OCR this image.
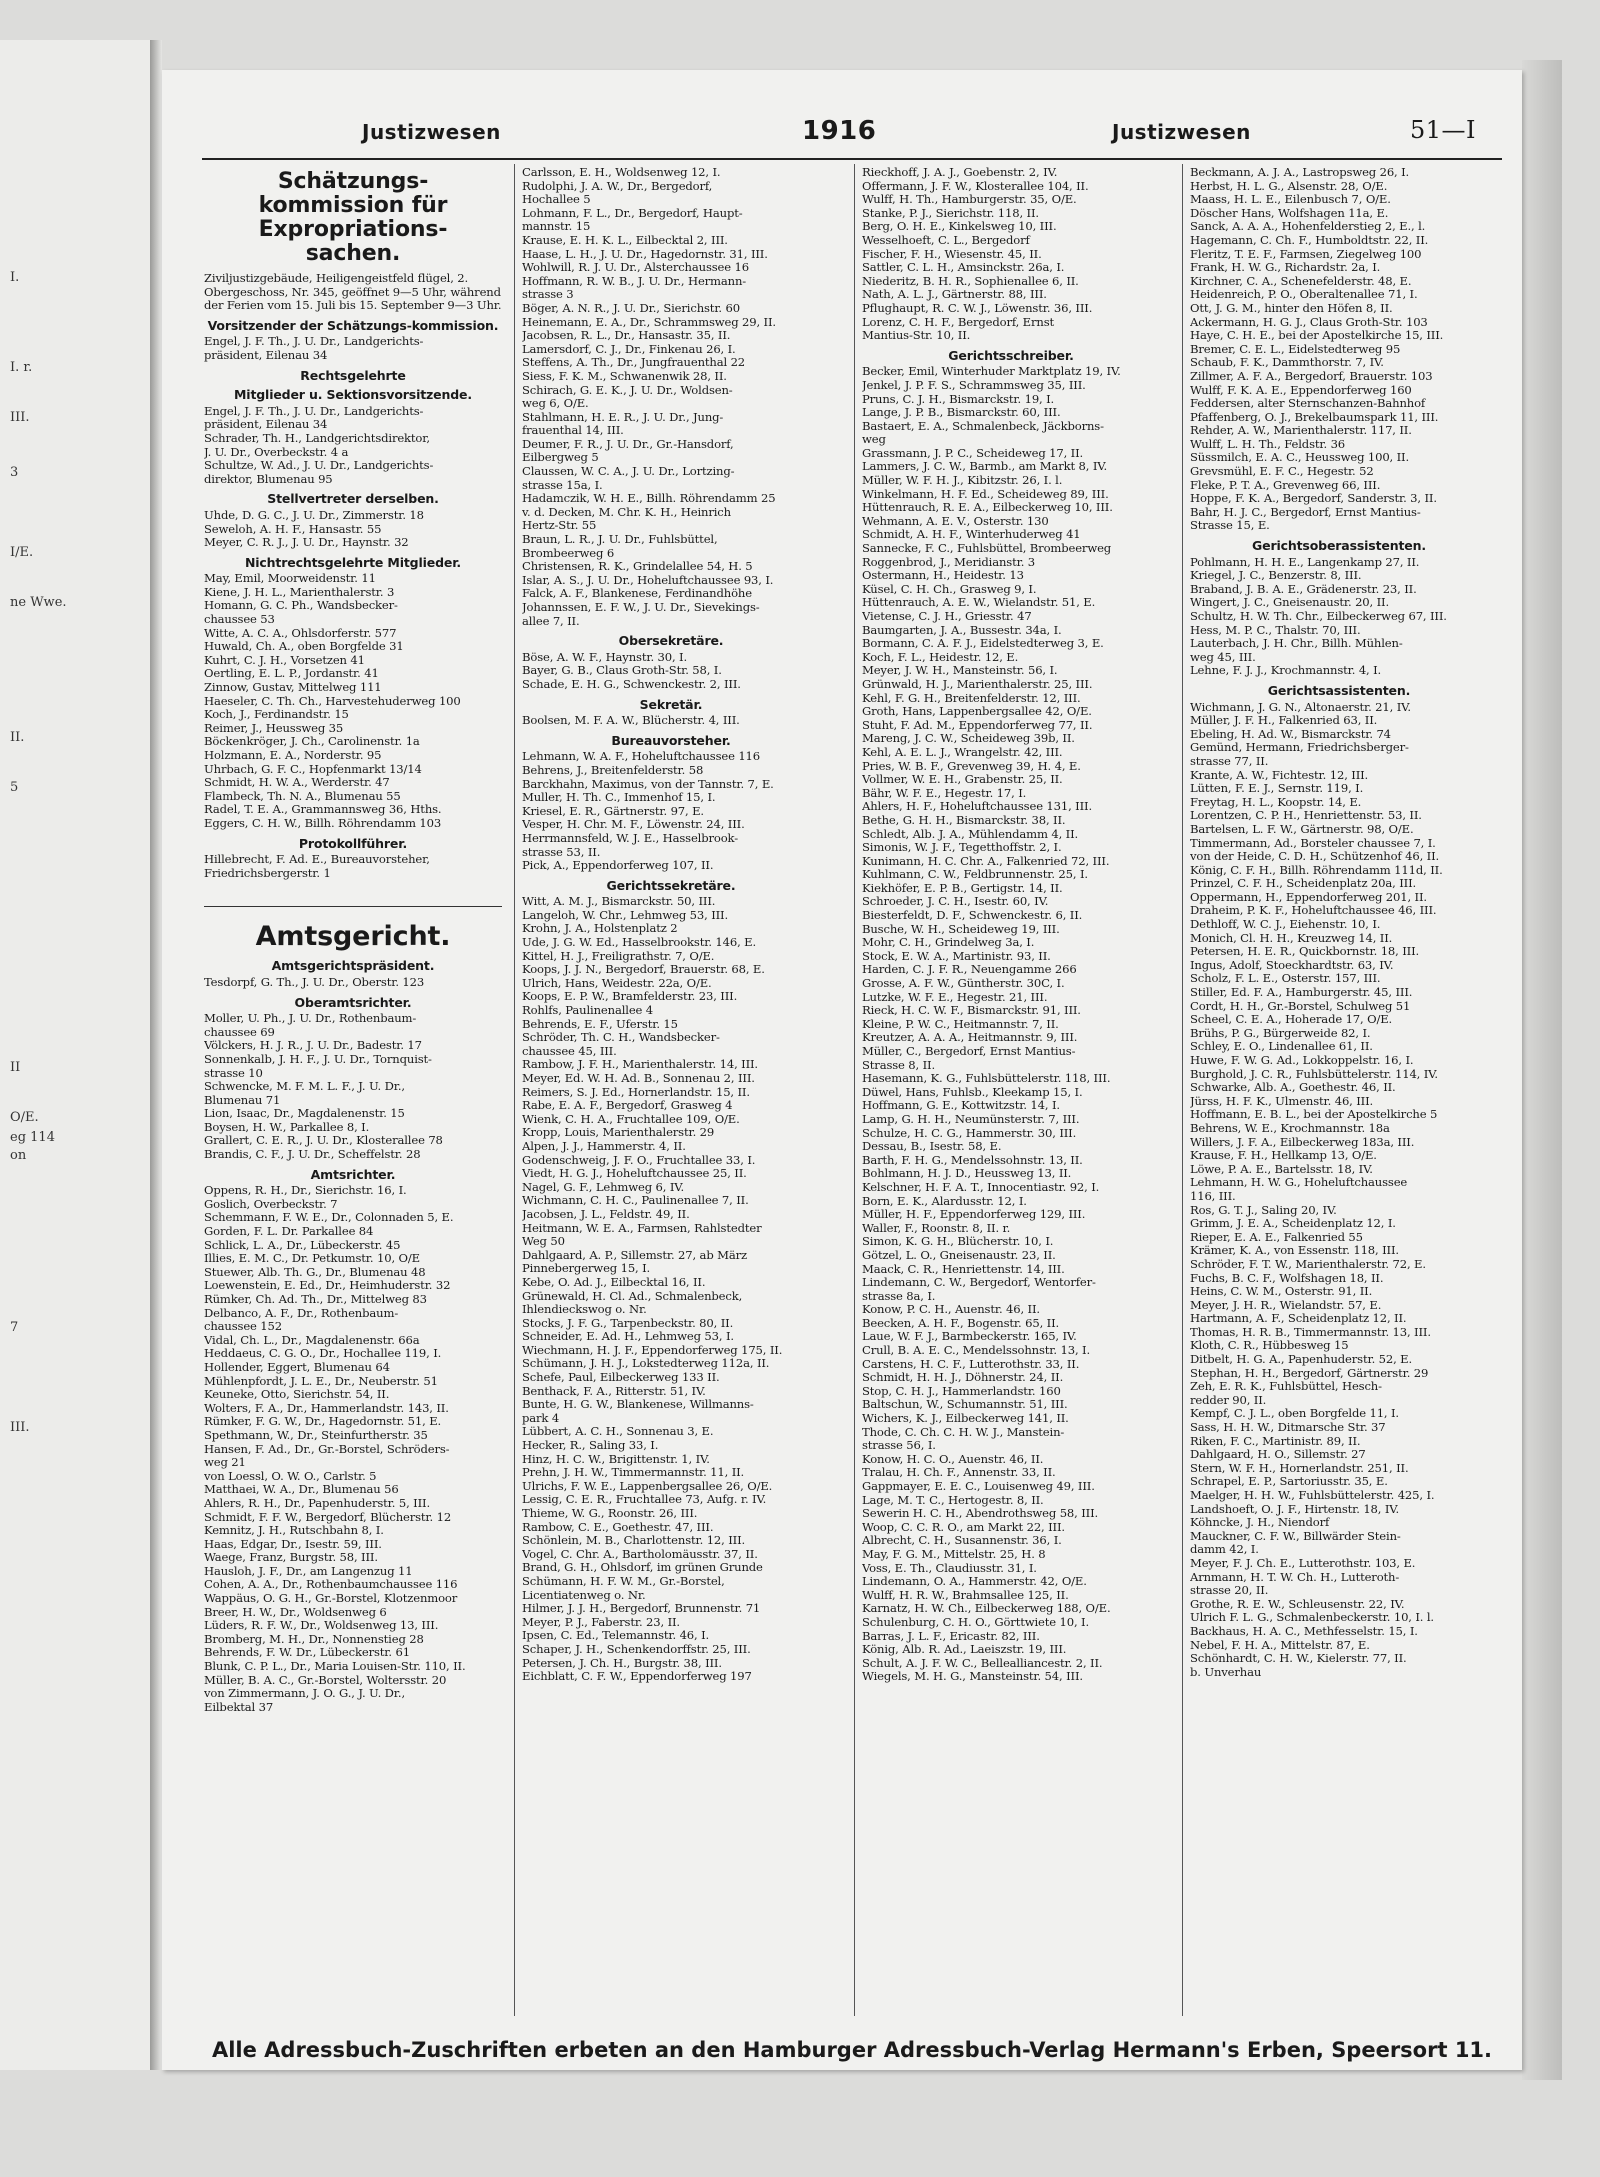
I.
I. r.
III.
3
I/E.
ne Wwe.
II.
5
II
O/E.
eg 114
on
7
III.
Justizwesen	1916	Justizwesen	51—I
Schätzungs-
kommission für
Expropriations-
sachen.
Ziviljustizgebäude, Heiligengeistfeld flügel, 2. Obergeschoss, Nr. 345, geöffnet 9—5 Uhr, während der Ferien vom 15. Juli bis 15. September 9—3 Uhr.
Vorsitzender der Schätzungs-kommission.
Engel, J. F. Th., J. U. Dr., Landgerichts-
präsident, Eilenau 34
Rechtsgelehrte
Mitglieder u. Sektionsvorsitzende.
Engel, J. F. Th., J. U. Dr., Landgerichts-
präsident, Eilenau 34
Schrader, Th. H., Landgerichtsdirektor,
J. U. Dr., Overbeckstr. 4 a
Schultze, W. Ad., J. U. Dr., Landgerichts-
direktor, Blumenau 95
Stellvertreter derselben.
Uhde, D. G. C., J. U. Dr., Zimmerstr. 18
Seweloh, A. H. F., Hansastr. 55
Meyer, C. R. J., J. U. Dr., Haynstr. 32
Nichtrechtsgelehrte Mitglieder.
May, Emil, Moorweidenstr. 11
Kiene, J. H. L., Marienthalerstr. 3
Homann, G. C. Ph., Wandsbecker-
chaussee 53
Witte, A. C. A., Ohlsdorferstr. 577
Huwald, Ch. A., oben Borgfelde 31
Kuhrt, C. J. H., Vorsetzen 41
Oertling, E. L. P., Jordanstr. 41
Zinnow, Gustav, Mittelweg 111
Haeseler, C. Th. Ch., Harvestehuderweg 100
Koch, J., Ferdinandstr. 15
Reimer, J., Heussweg 35
Böckenkröger, J. Ch., Carolinenstr. 1a
Holzmann, E. A., Norderstr. 95
Uhrbach, G. F. C., Hopfenmarkt 13/14
Schmidt, H. W. A., Werderstr. 47
Flambeck, Th. N. A., Blumenau 55
Radel, T. E. A., Grammannsweg 36, Hths.
Eggers, C. H. W., Billh. Röhrendamm 103
Protokollführer.
Hillebrecht, F. Ad. E., Bureauvorsteher,
Friedrichsbergerstr. 1
Amtsgericht.
Amtsgerichtspräsident.
Tesdorpf, G. Th., J. U. Dr., Oberstr. 123
Oberamtsrichter.
Moller, U. Ph., J. U. Dr., Rothenbaum-
chaussee 69
Völckers, H. J. R., J. U. Dr., Badestr. 17
Sonnenkalb, J. H. F., J. U. Dr., Tornquist-
strasse 10
Schwencke, M. F. M. L. F., J. U. Dr.,
Blumenau 71
Lion, Isaac, Dr., Magdalenenstr. 15
Boysen, H. W., Parkallee 8, I.
Grallert, C. E. R., J. U. Dr., Klosterallee 78
Brandis, C. F., J. U. Dr., Scheffelstr. 28
Amtsrichter.
Oppens, R. H., Dr., Sierichstr. 16, I.
Goslich, Overbeckstr. 7
Schemmann, F. W. E., Dr., Colonnaden 5, E.
Gorden, F. L. Dr. Parkallee 84
Schlick, L. A., Dr., Lübeckerstr. 45
Illies, E. M. C., Dr. Petkumstr. 10, O/E
Stuewer, Alb. Th. G., Dr., Blumenau 48
Loewenstein, E. Ed., Dr., Heimhuderstr. 32
Rümker, Ch. Ad. Th., Dr., Mittelweg 83
Delbanco, A. F., Dr., Rothenbaum-
chaussee 152
Vidal, Ch. L., Dr., Magdalenenstr. 66a
Heddaeus, C. G. O., Dr., Hochallee 119, I.
Hollender, Eggert, Blumenau 64
Mühlenpfordt, J. L. E., Dr., Neuberstr. 51
Keuneke, Otto, Sierichstr. 54, II.
Wolters, F. A., Dr., Hammerlandstr. 143, II.
Rümker, F. G. W., Dr., Hagedornstr. 51, E.
Spethmann, W., Dr., Steinfurtherstr. 35
Hansen, F. Ad., Dr., Gr.-Borstel, Schröders-
weg 21
von Loessl, O. W. O., Carlstr. 5
Matthaei, W. A., Dr., Blumenau 56
Ahlers, R. H., Dr., Papenhuderstr. 5, III.
Schmidt, F. F. W., Bergedorf, Blücherstr. 12
Kemnitz, J. H., Rutschbahn 8, I.
Haas, Edgar, Dr., Isestr. 59, III.
Waege, Franz, Burgstr. 58, III.
Hausloh, J. F., Dr., am Langenzug 11
Cohen, A. A., Dr., Rothenbaumchaussee 116
Wappäus, O. G. H., Gr.-Borstel, Klotzenmoor
Breer, H. W., Dr., Woldsenweg 6
Lüders, R. F. W., Dr., Woldsenweg 13, III.
Bromberg, M. H., Dr., Nonnenstieg 28
Behrends, F. W. Dr., Lübeckerstr. 61
Blunk, C. P. L., Dr., Maria Louisen-Str. 110, II.
Müller, B. A. C., Gr.-Borstel, Woltersstr. 20
von Zimmermann, J. O. G., J. U. Dr.,
Eilbektal 37
Carlsson, E. H., Woldsenweg 12, I.
Rudolphi, J. A. W., Dr., Bergedorf,
Hochallee 5
Lohmann, F. L., Dr., Bergedorf, Haupt-
mannstr. 15
Krause, E. H. K. L., Eilbecktal 2, III.
Haase, L. H., J. U. Dr., Hagedornstr. 31, III.
Wohlwill, R. J. U. Dr., Alsterchaussee 16
Hoffmann, R. W. B., J. U. Dr., Hermann-
strasse 3
Böger, A. N. R., J. U. Dr., Sierichstr. 60
Heinemann, E. A., Dr., Schrammsweg 29, II.
Jacobsen, R. L., Dr., Hansastr. 35, II.
Lamersdorf, C. J., Dr., Finkenau 26, I.
Steffens, A. Th., Dr., Jungfrauenthal 22
Siess, F. K. M., Schwanenwik 28, II.
Schirach, G. E. K., J. U. Dr., Woldsen-
weg 6, O/E.
Stahlmann, H. E. R., J. U. Dr., Jung-
frauenthal 14, III.
Deumer, F. R., J. U. Dr., Gr.-Hansdorf,
Eilbergweg 5
Claussen, W. C. A., J. U. Dr., Lortzing-
strasse 15a, I.
Hadamczik, W. H. E., Billh. Röhrendamm 25
v. d. Decken, M. Chr. K. H., Heinrich
Hertz-Str. 55
Braun, L. R., J. U. Dr., Fuhlsbüttel,
Brombeerweg 6
Christensen, R. K., Grindelallee 54, H. 5
Islar, A. S., J. U. Dr., Hoheluftchaussee 93, I.
Falck, A. F., Blankenese, Ferdinandhöhe
Johannssen, E. F. W., J. U. Dr., Sievekings-
allee 7, II.
Obersekretäre.
Böse, A. W. F., Haynstr. 30, I.
Bayer, G. B., Claus Groth-Str. 58, I.
Schade, E. H. G., Schwenckestr. 2, III.
Sekretär.
Boolsen, M. F. A. W., Blücherstr. 4, III.
Bureauvorsteher.
Lehmann, W. A. F., Hoheluftchaussee 116
Behrens, J., Breitenfelderstr. 58
Barckhahn, Maximus, von der Tannstr. 7, E.
Muller, H. Th. C., Immenhof 15, I.
Kriesel, E. R., Gärtnerstr. 97, E.
Vesper, H. Chr. M. F., Löwenstr. 24, III.
Herrmannsfeld, W. J. E., Hasselbrook-
strasse 53, II.
Pick, A., Eppendorferweg 107, II.
Gerichtssekretäre.
Witt, A. M. J., Bismarckstr. 50, III.
Langeloh, W. Chr., Lehmweg 53, III.
Krohn, J. A., Holstenplatz 2
Ude, J. G. W. Ed., Hasselbrookstr. 146, E.
Kittel, H. J., Freiligrathstr. 7, O/E.
Koops, J. J. N., Bergedorf, Brauerstr. 68, E.
Ulrich, Hans, Weidestr. 22a, O/E.
Koops, E. P. W., Bramfelderstr. 23, III.
Rohlfs, Paulinenallee 4
Behrends, E. F., Uferstr. 15
Schröder, Th. C. H., Wandsbecker-
chaussee 45, III.
Rambow, J. F. H., Marienthalerstr. 14, III.
Meyer, Ed. W. H. Ad. B., Sonnenau 2, III.
Reimers, S. J. Ed., Hornerlandstr. 15, II.
Rabe, E. A. F., Bergedorf, Grasweg 4
Wienk, C. H. A., Fruchtallee 109, O/E.
Kropp, Louis, Marienthalerstr. 29
Alpen, J. J., Hammerstr. 4, II.
Godenschweig, J. F. O., Fruchtallee 33, I.
Viedt, H. G. J., Hoheluftchaussee 25, II.
Nagel, G. F., Lehmweg 6, IV.
Wichmann, C. H. C., Paulinenallee 7, II.
Jacobsen, J. L., Feldstr. 49, II.
Heitmann, W. E. A., Farmsen, Rahlstedter
Weg 50
Dahlgaard, A. P., Sillemstr. 27, ab März
Pinnebergerweg 15, I.
Kebe, O. Ad. J., Eilbecktal 16, II.
Grünewald, H. Cl. Ad., Schmalenbeck,
Ihlendieckswog o. Nr.
Stocks, J. F. G., Tarpenbeckstr. 80, II.
Schneider, E. Ad. H., Lehmweg 53, I.
Wiechmann, H. J. F., Eppendorferweg 175, II.
Schümann, J. H. J., Lokstedterweg 112a, II.
Schefe, Paul, Eilbeckerweg 133 II.
Benthack, F. A., Ritterstr. 51, IV.
Bunte, H. G. W., Blankenese, Willmanns-
park 4
Lübbert, A. C. H., Sonnenau 3, E.
Hecker, R., Saling 33, I.
Hinz, H. C. W., Brigittenstr. 1, IV.
Prehn, J. H. W., Timmermannstr. 11, II.
Ulrichs, F. W. E., Lappenbergsallee 26, O/E.
Lessig, C. E. R., Fruchtallee 73, Aufg. r. IV.
Thieme, W. G., Roonstr. 26, III.
Rambow, C. E., Goethestr. 47, III.
Schönlein, M. B., Charlottenstr. 12, III.
Vogel, C. Chr. A., Bartholomäusstr. 37, II.
Brand, G. H., Ohlsdorf, im grünen Grunde
Schümann, H. F. W. M., Gr.-Borstel,
Licentiatenweg o. Nr.
Hilmer, J. J. H., Bergedorf, Brunnenstr. 71
Meyer, P. J., Faberstr. 23, II.
Ipsen, C. Ed., Telemannstr. 46, I.
Schaper, J. H., Schenkendorffstr. 25, III.
Petersen, J. Ch. H., Burgstr. 38, III.
Eichblatt, C. F. W., Eppendorferweg 197
Rieckhoff, J. A. J., Goebenstr. 2, IV.
Offermann, J. F. W., Klosterallee 104, II.
Wulff, H. Th., Hamburgerstr. 35, O/E.
Stanke, P. J., Sierichstr. 118, II.
Berg, O. H. E., Kinkelsweg 10, III.
Wesselhoeft, C. L., Bergedorf
Fischer, F. H., Wiesenstr. 45, II.
Sattler, C. L. H., Amsinckstr. 26a, I.
Niederitz, B. H. R., Sophienallee 6, II.
Nath, A. L. J., Gärtnerstr. 88, III.
Pflughaupt, R. C. W. J., Löwenstr. 36, III.
Lorenz, C. H. F., Bergedorf, Ernst
Mantius-Str. 10, II.
Gerichtsschreiber.
Becker, Emil, Winterhuder Marktplatz 19, IV.
Jenkel, J. P. F. S., Schrammsweg 35, III.
Pruns, C. J. H., Bismarckstr. 19, I.
Lange, J. P. B., Bismarckstr. 60, III.
Bastaert, E. A., Schmalenbeck, Jäckborns-
weg
Grassmann, J. P. C., Scheideweg 17, II.
Lammers, J. C. W., Barmb., am Markt 8, IV.
Müller, W. F. H. J., Kibitzstr. 26, I. l.
Winkelmann, H. F. Ed., Scheideweg 89, III.
Hüttenrauch, R. E. A., Eilbeckerweg 10, III.
Wehmann, A. E. V., Osterstr. 130
Schmidt, A. H. F., Winterhuderweg 41
Sannecke, F. C., Fuhlsbüttel, Brombeerweg
Roggenbrod, J., Meridianstr. 3
Ostermann, H., Heidestr. 13
Küsel, C. H. Ch., Grasweg 9, I.
Hüttenrauch, A. E. W., Wielandstr. 51, E.
Vietense, C. J. H., Griesstr. 47
Baumgarten, J. A., Bussestr. 34a, I.
Bormann, C. A. F. J., Eidelstedterweg 3, E.
Koch, F. L., Heidestr. 12, E.
Meyer, J. W. H., Mansteinstr. 56, I.
Grünwald, H. J., Marienthalerstr. 25, III.
Kehl, F. G. H., Breitenfelderstr. 12, III.
Groth, Hans, Lappenbergsallee 42, O/E.
Stuht, F. Ad. M., Eppendorferweg 77, II.
Mareng, J. C. W., Scheideweg 39b, II.
Kehl, A. E. L. J., Wrangelstr. 42, III.
Pries, W. B. F., Grevenweg 39, H. 4, E.
Vollmer, W. E. H., Grabenstr. 25, II.
Bähr, W. F. E., Hegestr. 17, I.
Ahlers, H. F., Hoheluftchaussee 131, III.
Bethe, G. H. H., Bismarckstr. 38, II.
Schledt, Alb. J. A., Mühlendamm 4, II.
Simonis, W. J. F., Tegetthoffstr. 2, I.
Kunimann, H. C. Chr. A., Falkenried 72, III.
Kuhlmann, C. W., Feldbrunnenstr. 25, I.
Kiekhöfer, E. P. B., Gertigstr. 14, II.
Schroeder, J. C. H., Isestr. 60, IV.
Biesterfeldt, D. F., Schwenckestr. 6, II.
Busche, W. H., Scheideweg 19, III.
Mohr, C. H., Grindelweg 3a, I.
Stock, E. W. A., Martinistr. 93, II.
Harden, C. J. F. R., Neuengamme 266
Grosse, A. F. W., Güntherstr. 30C, I.
Lutzke, W. F. E., Hegestr. 21, III.
Rieck, H. C. W. F., Bismarckstr. 91, III.
Kleine, P. W. C., Heitmannstr. 7, II.
Kreutzer, A. A. A., Heitmannstr. 9, III.
Müller, C., Bergedorf, Ernst Mantius-
Strasse 8, II.
Hasemann, K. G., Fuhlsbüttelerstr. 118, III.
Düwel, Hans, Fuhlsb., Kleekamp 15, I.
Hoffmann, G. E., Kottwitzstr. 14, I.
Lamp, G. H. H., Neumünsterstr. 7, III.
Schulze, H. C. G., Hammerstr. 30, III.
Dessau, B., Isestr. 58, E.
Barth, F. H. G., Mendelssohnstr. 13, II.
Bohlmann, H. J. D., Heussweg 13, II.
Kelschner, H. F. A. T., Innocentiastr. 92, I.
Born, E. K., Alardusstr. 12, I.
Müller, H. F., Eppendorferweg 129, III.
Waller, F., Roonstr. 8, II. r.
Simon, K. G. H., Blücherstr. 10, I.
Götzel, L. O., Gneisenaustr. 23, II.
Maack, C. R., Henriettenstr. 14, III.
Lindemann, C. W., Bergedorf, Wentorfer-
strasse 8a, I.
Konow, P. C. H., Auenstr. 46, II.
Beecken, A. H. F., Bogenstr. 65, II.
Laue, W. F. J., Barmbeckerstr. 165, IV.
Crull, B. A. E. C., Mendelssohnstr. 13, I.
Carstens, H. C. F., Lutterothstr. 33, II.
Schmidt, H. H. J., Döhnerstr. 24, II.
Stop, C. H. J., Hammerlandstr. 160
Baltschun, W., Schumannstr. 51, III.
Wichers, K. J., Eilbeckerweg 141, II.
Thode, C. Ch. C. H. W. J., Manstein-
strasse 56, I.
Konow, H. C. O., Auenstr. 46, II.
Tralau, H. Ch. F., Annenstr. 33, II.
Gappmayer, E. E. C., Louisenweg 49, III.
Lage, M. T. C., Hertogestr. 8, II.
Sewerin H. C. H., Abendrothsweg 58, III.
Woop, C. C. R. O., am Markt 22, III.
Albrecht, C. H., Susannenstr. 36, I.
May, F. G. M., Mittelstr. 25, H. 8
Voss, E. Th., Claudiusstr. 31, I.
Lindemann, O. A., Hammerstr. 42, O/E.
Wulff, H. R. W., Brahmsallee 125, II.
Karnatz, H. W. Ch., Eilbeckerweg 188, O/E.
Schulenburg, C. H. O., Görttwiete 10, I.
Barras, J. L. F., Ericastr. 82, III.
König, Alb. R. Ad., Laeiszstr. 19, III.
Schult, A. J. F. W. C., Bellealliancestr. 2, II.
Wiegels, M. H. G., Mansteinstr. 54, III.
Beckmann, A. J. A., Lastropsweg 26, I.
Herbst, H. L. G., Alsenstr. 28, O/E.
Maass, H. L. E., Eilenbusch 7, O/E.
Döscher Hans, Wolfshagen 11a, E.
Sanck, A. A. A., Hohenfelderstieg 2, E., l.
Hagemann, C. Ch. F., Humboldtstr. 22, II.
Fleritz, T. E. F., Farmsen, Ziegelweg 100
Frank, H. W. G., Richardstr. 2a, I.
Kirchner, C. A., Schenefelderstr. 48, E.
Heidenreich, P. O., Oberaltenallee 71, I.
Ott, J. G. M., hinter den Höfen 8, II.
Ackermann, H. G. J., Claus Groth-Str. 103
Haye, C. H. E., bei der Apostelkirche 15, III.
Bremer, C. E. L., Eidelstedterweg 95
Schaub, F. K., Dammthorstr. 7, IV.
Zillmer, A. F. A., Bergedorf, Brauerstr. 103
Wulff, F. K. A. E., Eppendorferweg 160
Feddersen, alter Sternschanzen-Bahnhof
Pfaffenberg, O. J., Brekelbaumspark 11, III.
Rehder, A. W., Marienthalerstr. 117, II.
Wulff, L. H. Th., Feldstr. 36
Süssmilch, E. A. C., Heussweg 100, II.
Grevsmühl, E. F. C., Hegestr. 52
Fleke, P. T. A., Grevenweg 66, III.
Hoppe, F. K. A., Bergedorf, Sanderstr. 3, II.
Bahr, H. J. C., Bergedorf, Ernst Mantius-
Strasse 15, E.
Gerichtsoberassistenten.
Pohlmann, H. H. E., Langenkamp 27, II.
Kriegel, J. C., Benzerstr. 8, III.
Braband, J. B. A. E., Grädenerstr. 23, II.
Wingert, J. C., Gneisenaustr. 20, II.
Schultz, H. W. Th. Chr., Eilbeckerweg 67, III.
Hess, M. P. C., Thalstr. 70, III.
Lauterbach, J. H. Chr., Billh. Mühlen-
weg 45, III.
Lehne, F. J. J., Krochmannstr. 4, I.
Gerichtsassistenten.
Wichmann, J. G. N., Altonaerstr. 21, IV.
Müller, J. F. H., Falkenried 63, II.
Ebeling, H. Ad. W., Bismarckstr. 74
Gemünd, Hermann, Friedrichsberger-
strasse 77, II.
Krante, A. W., Fichtestr. 12, III.
Lütten, F. E. J., Sernstr. 119, I.
Freytag, H. L., Koopstr. 14, E.
Lorentzen, C. P. H., Henriettenstr. 53, II.
Bartelsen, L. F. W., Gärtnerstr. 98, O/E.
Timmermann, Ad., Borsteler chaussee 7, I.
von der Heide, C. D. H., Schützenhof 46, II.
König, C. F. H., Billh. Röhrendamm 111d, II.
Prinzel, C. F. H., Scheidenplatz 20a, III.
Oppermann, H., Eppendorferweg 201, II.
Draheim, P. K. F., Hoheluftchaussee 46, III.
Dethloff, W. C. J., Eiehenstr. 10, I.
Monich, Cl. H. H., Kreuzweg 14, II.
Petersen, H. E. R., Quickbornstr. 18, III.
Ingus, Adolf, Stoeckhardtstr. 63, IV.
Scholz, F. L. E., Osterstr. 157, III.
Stiller, Ed. F. A., Hamburgerstr. 45, III.
Cordt, H. H., Gr.-Borstel, Schulweg 51
Scheel, C. E. A., Hoherade 17, O/E.
Brühs, P. G., Bürgerweide 82, I.
Schley, E. O., Lindenallee 61, II.
Huwe, F. W. G. Ad., Lokkoppelstr. 16, I.
Burghold, J. C. R., Fuhlsbüttelerstr. 114, IV.
Schwarke, Alb. A., Goethestr. 46, II.
Jürss, H. F. K., Ulmenstr. 46, III.
Hoffmann, E. B. L., bei der Apostelkirche 5
Behrens, W. E., Krochmannstr. 18a
Willers, J. F. A., Eilbeckerweg 183a, III.
Krause, F. H., Hellkamp 13, O/E.
Löwe, P. A. E., Bartelsstr. 18, IV.
Lehmann, H. W. G., Hoheluftchaussee
116, III.
Ros, G. T. J., Saling 20, IV.
Grimm, J. E. A., Scheidenplatz 12, I.
Rieper, E. A. E., Falkenried 55
Krämer, K. A., von Essenstr. 118, III.
Schröder, F. T. W., Marienthalerstr. 72, E.
Fuchs, B. C. F., Wolfshagen 18, II.
Heins, C. W. M., Osterstr. 91, II.
Meyer, J. H. R., Wielandstr. 57, E.
Hartmann, A. F., Scheidenplatz 12, II.
Thomas, H. R. B., Timmermannstr. 13, III.
Kloth, C. R., Hübbesweg 15
Ditbelt, H. G. A., Papenhuderstr. 52, E.
Stephan, H. H., Bergedorf, Gärtnerstr. 29
Zeh, E. R. K., Fuhlsbüttel, Hesch-
redder 90, II.
Kempf, C. J. L., oben Borgfelde 11, I.
Sass, H. H. W., Ditmarsche Str. 37
Riken, F. C., Martinistr. 89, II.
Dahlgaard, H. O., Sillemstr. 27
Stern, W. F. H., Hornerlandstr. 251, II.
Schrapel, E. P., Sartoriusstr. 35, E.
Maelger, H. H. W., Fuhlsbüttelerstr. 425, I.
Landshoeft, O. J. F., Hirtenstr. 18, IV.
Köhncke, J. H., Niendorf
Mauckner, C. F. W., Billwärder Stein-
damm 42, I.
Meyer, F. J. Ch. E., Lutterothstr. 103, E.
Arnmann, H. T. W. Ch. H., Lutteroth-
strasse 20, II.
Grothe, R. E. W., Schleusenstr. 22, IV.
Ulrich F. L. G., Schmalenbeckerstr. 10, I. l.
Backhaus, H. A. C., Methfesselstr. 15, I.
Nebel, F. H. A., Mittelstr. 87, E.
Schönhardt, C. H. W., Kielerstr. 77, II.
b. Unverhau
Alle Adressbuch-Zuschriften erbeten an den Hamburger Adressbuch-Verlag Hermann's Erben, Speersort 11.
